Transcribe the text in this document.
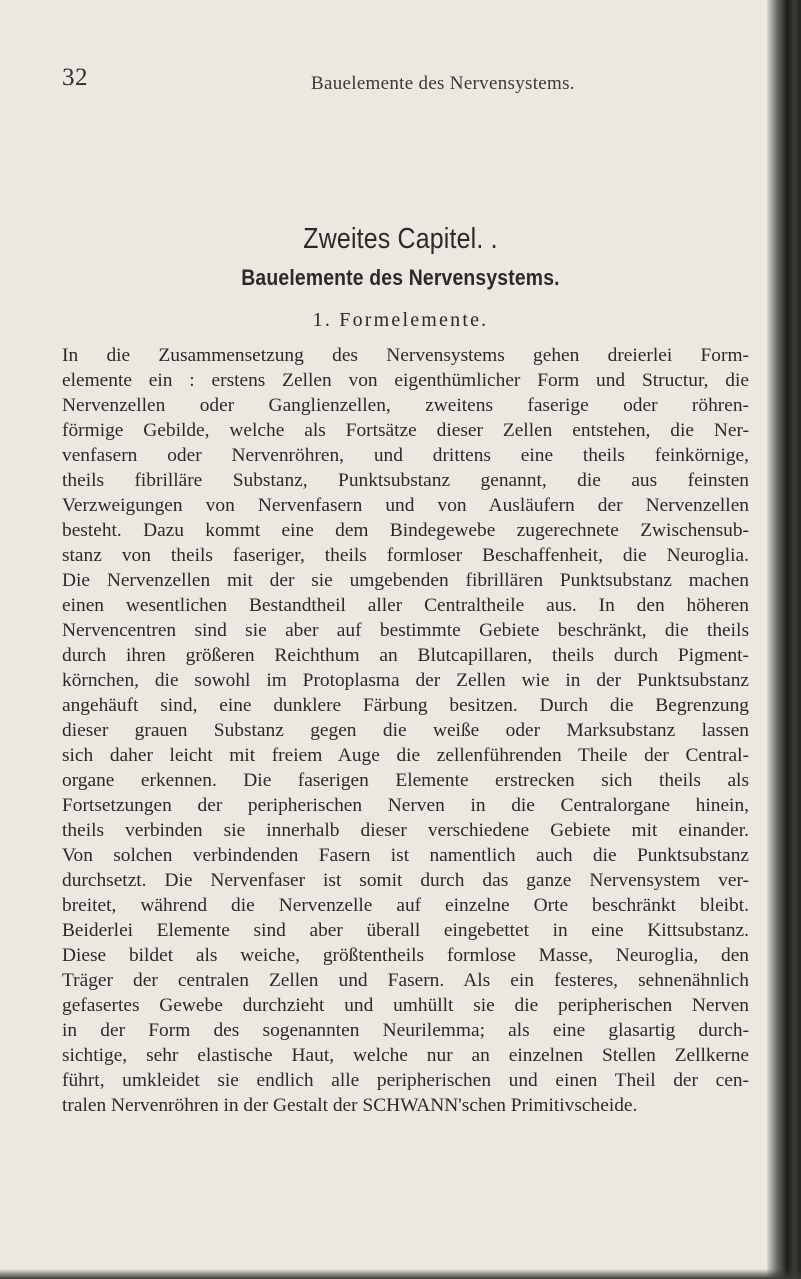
32	Bauelemente des Nervensystems.
Zweites Capitel. .
Bauelemente des Nervensystems.
1. Formelemente.
In die Zusammensetzung des Nervensystems gehen dreierlei Form-
elemente ein : erstens Zellen von eigenthümlicher Form und Structur, die
Nervenzellen oder Ganglienzellen, zweitens faserige oder röhren-
förmige Gebilde, welche als Fortsätze dieser Zellen entstehen, die Ner-
venfasern oder Nervenröhren, und drittens eine theils feinkörnige,
theils fibrilläre Substanz, Punktsubstanz genannt, die aus feinsten
Verzweigungen von Nervenfasern und von Ausläufern der Nervenzellen
besteht. Dazu kommt eine dem Bindegewebe zugerechnete Zwischensub-
stanz von theils faseriger, theils formloser Beschaffenheit, die Neuroglia.
Die Nervenzellen mit der sie umgebenden fibrillären Punktsubstanz machen
einen wesentlichen Bestandtheil aller Centraltheile aus. In den höheren
Nervencentren sind sie aber auf bestimmte Gebiete beschränkt, die theils
durch ihren größeren Reichthum an Blutcapillaren, theils durch Pigment-
körnchen, die sowohl im Protoplasma der Zellen wie in der Punktsubstanz
angehäuft sind, eine dunklere Färbung besitzen. Durch die Begrenzung
dieser grauen Substanz gegen die weiße oder Marksubstanz lassen
sich daher leicht mit freiem Auge die zellenführenden Theile der Central-
organe erkennen. Die faserigen Elemente erstrecken sich theils als
Fortsetzungen der peripherischen Nerven in die Centralorgane hinein,
theils verbinden sie innerhalb dieser verschiedene Gebiete mit einander.
Von solchen verbindenden Fasern ist namentlich auch die Punktsubstanz
durchsetzt. Die Nervenfaser ist somit durch das ganze Nervensystem ver-
breitet, während die Nervenzelle auf einzelne Orte beschränkt bleibt.
Beiderlei Elemente sind aber überall eingebettet in eine Kittsubstanz.
Diese bildet als weiche, größtentheils formlose Masse, Neuroglia, den
Träger der centralen Zellen und Fasern. Als ein festeres, sehnenähnlich
gefasertes Gewebe durchzieht und umhüllt sie die peripherischen Nerven
in der Form des sogenannten Neurilemma; als eine glasartig durch-
sichtige, sehr elastische Haut, welche nur an einzelnen Stellen Zellkerne
führt, umkleidet sie endlich alle peripherischen und einen Theil der cen-
tralen Nervenröhren in der Gestalt der SCHWANN'schen Primitivscheide.
